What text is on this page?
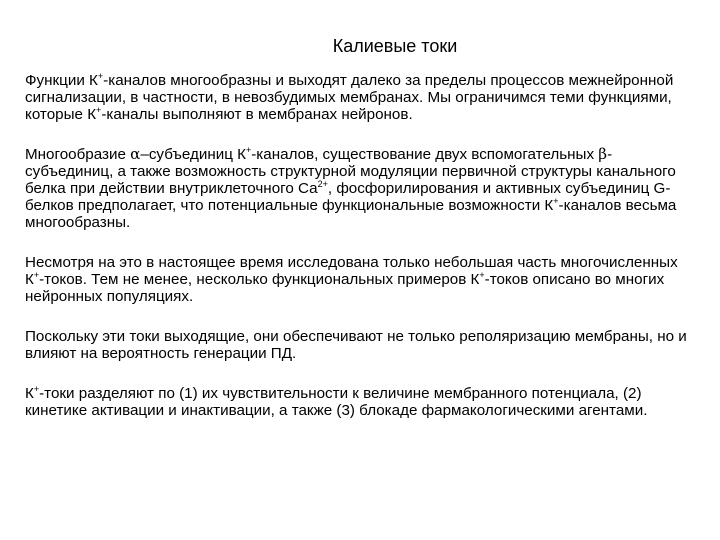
Калиевые токи

Функции К+-каналов многообразны и выходят далеко за пределы процессов межнейронной сигнализации, в частности, в невозбудимых мембранах. Мы ограничимся теми функциями, которые К+-каналы выполняют в мембранах нейронов.

Многообразие α–субъединиц К+-каналов, существование двух вспомогательных β-субъединиц, а также возможность структурной модуляции первичной структуры канального белка при действии внутриклеточного $Са^{2+}$, фосфорилирования и активных субъединиц G-белков предполагает, что потенциальные функциональные возможности К+-каналов весьма многообразны.

Несмотря на это в настоящее время исследована только небольшая часть многочисленных К+-токов. Тем не менее, несколько функциональных примеров К+-токов описано во многих нейронных популяциях.

Поскольку эти токи выходящие, они обеспечивают не только реполяризацию мембраны, но и влияют на вероятность генерации ПД.

К+-токи разделяют по (1) их чувствительности к величине мембранного потенциала, (2) кинетике активации и инактивации, а также (3) блокаде фармакологическими агентами.
